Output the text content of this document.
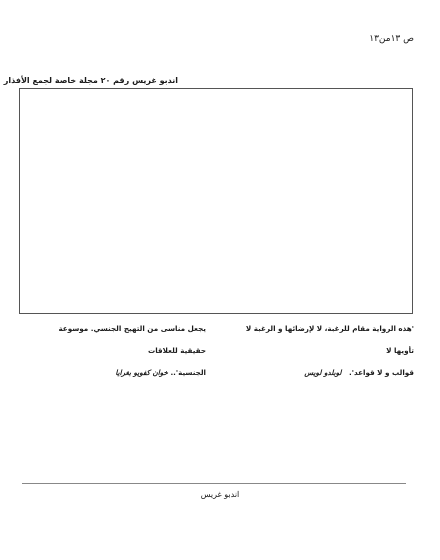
ص ١٣من١٣
اندبو غريس رقم ٢٠ مجلة خاصة لجمع الأفذار

'هذه الرواية مقام للرغبة، لا لإرضائها و الرغبة لا تأويها لا

قوالب و لا قواعد'.   لوبلدو لويس

يجعل مناسى من التهيج الجنسي. موسوعة حقيقية للعلاقات

الجنسية'.. خوان كفويو بغرايا

اندبو غريس
